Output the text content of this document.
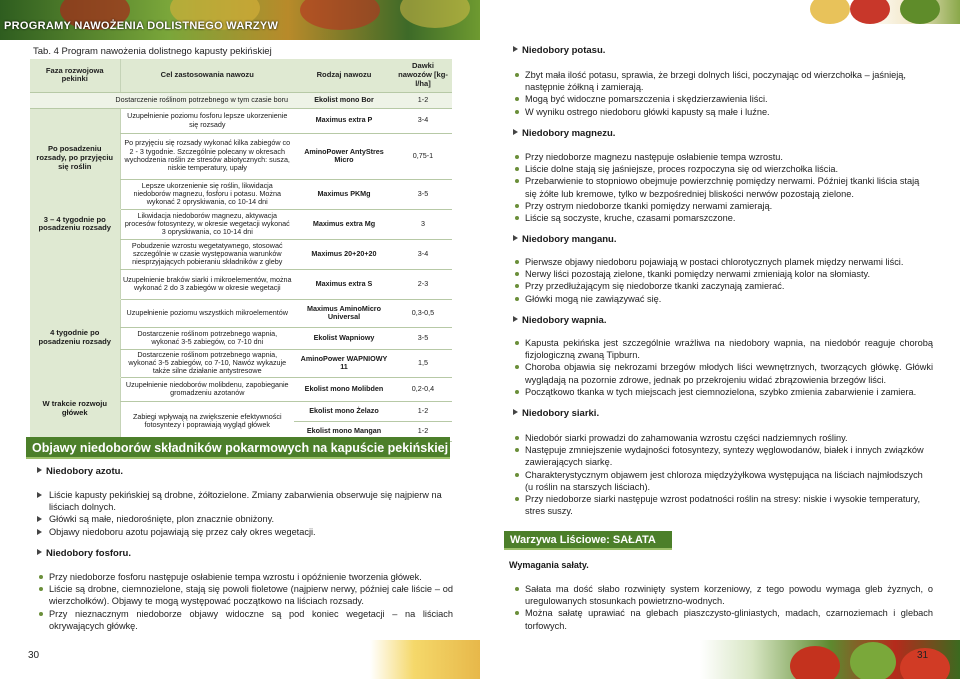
PROGRAMY NAWOŻENIA DOLISTNEGO WARZYW
Tab. 4 Program nawożenia dolistnego kapusty pekińskiej
Faza rozwojowa pekinki	Cel zastosowania nawozu	Rodzaj nawozu	Dawki nawozów [kg-l/ha]
Dostarczenie roślinom potrzebnego w tym czasie boru		Ekolist mono Bor	1-2
Po posadzeniu rozsady, po przyjęciu się roślin	Uzupełnienie poziomu fosforu lepsze ukorzenienie się rozsady	Maximus extra P	3-4
	Po przyjęciu się rozsady wykonać kilka zabiegów co 2 - 3 tygodnie. Szczególnie polecany w okresach wychodzenia roślin ze stresów abiotycznych: susza, niskie temperatury, upały	AminoPower AntyStres Micro	0,75-1
	Lepsze ukorzenienie się roślin, likwidacja niedoborów magnezu, fosforu i potasu. Można wykonać 2 opryskiwania, co 10-14 dni	Maximus PKMg	3-5
3 – 4 tygodnie po posadzeniu rozsady	Likwidacja niedoborów magnezu, aktywacja procesów fotosyntezy, w okresie wegetacji wykonać 3 opryskiwania, co 10-14 dni	Maximus extra Mg	3
	Pobudzenie wzrostu wegetatywnego, stosować szczególnie w czasie występowania warunków niesprzyjających pobieraniu składników z gleby	Maximus 20+20+20	3-4
	Uzupełnienie braków siarki i mikroelementów, można wykonać 2 do 3 zabiegów w okresie wegetacji	Maximus extra S	2-3
4 tygodnie po posadzeniu rozsady	Uzupełnienie poziomu wszystkich mikroelementów	Maximus AminoMicro Universal	0,3-0,5
	Dostarczenie roślinom potrzebnego wapnia, wykonać 3-5 zabiegów, co 7-10 dni	Ekolist Wapniowy	3-5
	Dostarczenie roślinom potrzebnego wapnia, wykonać 3-5 zabiegów, co 7-10, Nawóz wykazuje także silne działanie antystresowe	AminoPower WAPNIOWY 11	1,5
W trakcie rozwoju główek	Uzupełnienie niedoborów molibdenu, zapobieganie gromadzeniu azotanów	Ekolist mono Molibden	0,2-0,4
	Zabiegi wpływają na zwiększenie efektywności fotosyntezy i poprawiają wygląd główek	Ekolist mono Żelazo	1-2
		Ekolist mono Mangan	1-2
Objawy niedoborów składników pokarmowych na kapuście pekińskiej
Niedobory azotu.

Liście kapusty pekińskiej są drobne, żółtozielone. Zmiany zabarwienia obserwuje się najpierw na liściach dolnych.

Główki są małe, niedorośnięte, plon znacznie obniżony.

Objawy niedoboru azotu pojawiają się przez cały okres wegetacji.

Niedobory fosforu.

Przy niedoborze fosforu następuje osłabienie tempa wzrostu i opóźnienie tworzenia główek.

Liście są drobne, ciemnozielone, stają się powoli fioletowe (najpierw nerwy, później całe liście – od wierzchołków). Objawy te mogą występować początkowo na liściach rozsady.

Przy nieznacznym niedoborze objawy widoczne są pod koniec wegetacji – na liściach okrywających główkę.

30
Niedobory potasu.

Zbyt mała ilość potasu, sprawia, że brzegi dolnych liści, poczynając od wierzchołka – jaśnieją, następnie żółkną i zamierają.

Mogą być widoczne pomarszczenia i skędzierzawienia liści.

W wyniku ostrego niedoboru główki kapusty są małe i luźne.

Niedobory magnezu.

Przy niedoborze magnezu następuje osłabienie tempa wzrostu.

Liście dolne stają się jaśniejsze, proces rozpoczyna się od wierzchołka liścia.

Przebarwienie to stopniowo obejmuje powierzchnię pomiędzy nerwami. Później tkanki liścia stają się żółte lub kremowe, tylko w bezpośredniej bliskości nerwów pozostają zielone.

Przy ostrym niedoborze tkanki pomiędzy nerwami zamierają.

Liście są soczyste, kruche, czasami pomarszczone.

Niedobory manganu.

Pierwsze objawy niedoboru pojawiają w postaci chlorotycznych plamek między nerwami liści.

Nerwy liści pozostają zielone, tkanki pomiędzy nerwami zmieniają kolor na słomiasty.

Przy przedłużającym się niedoborze tkanki zaczynają zamierać.

Główki mogą nie zawiązywać się.

Niedobory wapnia.

Kapusta pekińska jest szczególnie wrażliwa na niedobory wapnia, na niedobór reaguje chorobą fizjologiczną zwaną Tipburn.

Choroba objawia się nekrozami brzegów młodych liści wewnętrznych, tworzących główkę. Główki wyglądają na pozornie zdrowe, jednak po przekrojeniu widać zbrązowienia brzegów liści.

Początkowo tkanka w tych miejscach jest ciemnozielona, szybko zmienia zabarwienie i zamiera.

Niedobory siarki.

Niedobór siarki prowadzi do zahamowania wzrostu części nadziemnych rośliny.

Następuje zmniejszenie wydajności fotosyntezy, syntezy węglowodanów, białek i innych związków zawierających siarkę.

Charakterystycznym objawem jest chloroza międzyżyłkowa występująca na liściach najmłodszych (u roślin na starszych liściach).

Przy niedoborze siarki następuje wzrost podatności roślin na stresy: niskie i wysokie temperatury, stres suszy.

Warzywa Liściowe: SAŁATA
Wymagania sałaty.

Sałata ma dość słabo rozwinięty system korzeniowy, z tego powodu wymaga gleb żyznych, o uregulowanych stosunkach powietrzno-wodnych.

Można sałatę uprawiać na glebach piaszczysto-gliniastych, madach, czarnoziemach i glebach torfowych.

31
